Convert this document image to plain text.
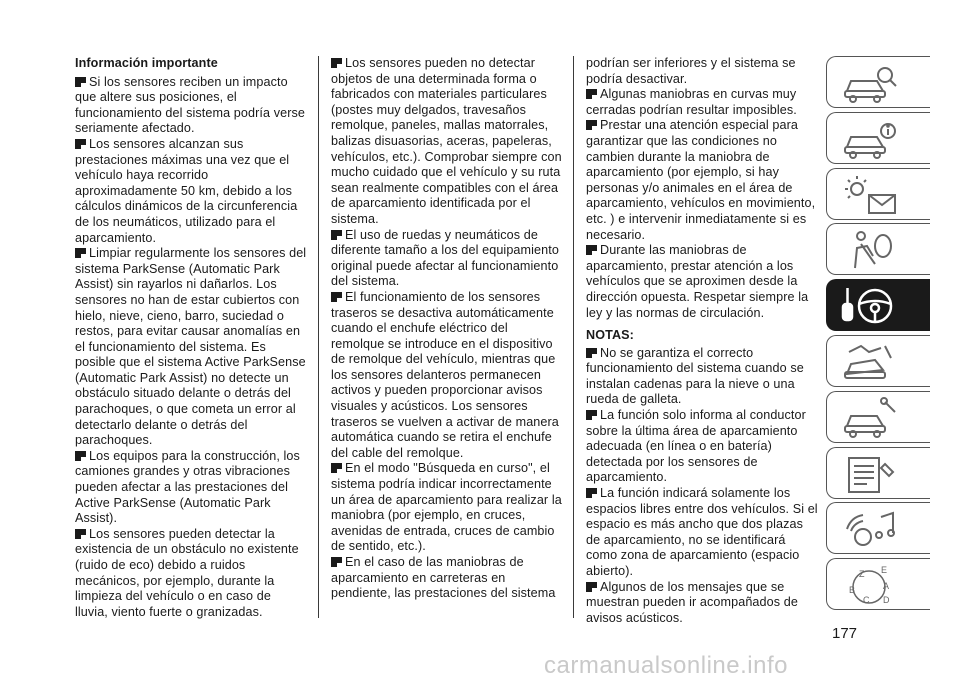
Información importante
Si los sensores reciben un impacto que altere sus posiciones, el funcionamiento del sistema podría verse seriamente afectado.
Los sensores alcanzan sus prestaciones máximas una vez que el vehículo haya recorrido aproximadamente 50 km, debido a los cálculos dinámicos de la circunferencia de los neumáticos, utilizado para el aparcamiento.
Limpiar regularmente los sensores del sistema ParkSense (Automatic Park Assist) sin rayarlos ni dañarlos. Los sensores no han de estar cubiertos con hielo, nieve, cieno, barro, suciedad o restos, para evitar causar anomalías en el funcionamiento del sistema. Es posible que el sistema Active ParkSense (Automatic Park Assist) no detecte un obstáculo situado delante o detrás del parachoques, o que cometa un error al detectarlo delante o detrás del parachoques.
Los equipos para la construcción, los camiones grandes y otras vibraciones pueden afectar a las prestaciones del Active ParkSense (Automatic Park Assist).
Los sensores pueden detectar la existencia de un obstáculo no existente (ruido de eco) debido a ruidos mecánicos, por ejemplo, durante la limpieza del vehículo o en caso de lluvia, viento fuerte o granizadas.
Los sensores pueden no detectar objetos de una determinada forma o fabricados con materiales particulares (postes muy delgados, travesaños remolque, paneles, mallas matorrales, balizas disuasorias, aceras, papeleras, vehículos, etc.). Comprobar siempre con mucho cuidado que el vehículo y su ruta sean realmente compatibles con el área de aparcamiento identificada por el sistema.
El uso de ruedas y neumáticos de diferente tamaño a los del equipamiento original puede afectar al funcionamiento del sistema.
El funcionamiento de los sensores traseros se desactiva automáticamente cuando el enchufe eléctrico del remolque se introduce en el dispositivo de remolque del vehículo, mientras que los sensores delanteros permanecen activos y pueden proporcionar avisos visuales y acústicos. Los sensores traseros se vuelven a activar de manera automática cuando se retira el enchufe del cable del remolque.
En el modo "Búsqueda en curso", el sistema podría indicar incorrectamente un área de aparcamiento para realizar la maniobra (por ejemplo, en cruces, avenidas de entrada, cruces de cambio de sentido, etc.).
En el caso de las maniobras de aparcamiento en carreteras en pendiente, las prestaciones del sistema
podrían ser inferiores y el sistema se podría desactivar.
Algunas maniobras en curvas muy cerradas podrían resultar imposibles.
Prestar una atención especial para garantizar que las condiciones no cambien durante la maniobra de aparcamiento (por ejemplo, si hay personas y/o animales en el área de aparcamiento, vehículos en movimiento, etc. ) e intervenir inmediatamente si es necesario.
Durante las maniobras de aparcamiento, prestar atención a los vehículos que se aproximen desde la dirección opuesta. Respetar siempre la ley y las normas de circulación.
NOTAS:
No se garantiza el correcto funcionamiento del sistema cuando se instalan cadenas para la nieve o una rueda de galleta.
La función solo informa al conductor sobre la última área de aparcamiento adecuada (en línea o en batería) detectada por los sensores de aparcamiento.
La función indicará solamente los espacios libres entre dos vehículos. Si el espacio es más ancho que dos plazas de aparcamiento, no se identificará como zona de aparcamiento (espacio abierto).
Algunos de los mensajes que se muestran pueden ir acompañados de avisos acústicos.
Z E
B	A
C D
177
carmanualsonline.info
